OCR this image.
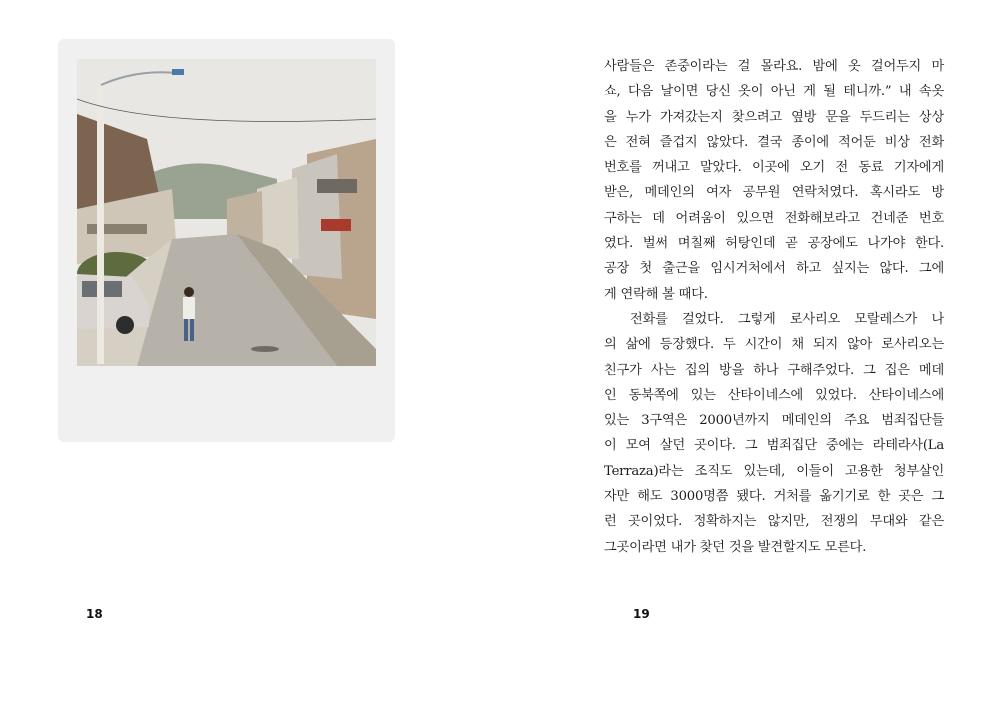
18
사람들은 존중이라는 걸 몰라요. 밤에 옷 걸어두지 마
쇼, 다음 날이면 당신 옷이 아닌 게 될 테니까.” 내 속옷
을 누가 가져갔는지 찾으려고 옆방 문을 두드리는 상상
은 전혀 즐겁지 않았다. 결국 종이에 적어둔 비상 전화
번호를 꺼내고 말았다. 이곳에 오기 전 동료 기자에게
받은, 메데인의 여자 공무원 연락처였다. 혹시라도 방
구하는 데 어려움이 있으면 전화해보라고 건네준 번호
였다. 벌써 며칠째 허탕인데 곧 공장에도 나가야 한다.
공장 첫 출근을 임시거처에서 하고 싶지는 않다. 그에
게 연락해 볼 때다.
전화를 걸었다. 그렇게 로사리오 모랄레스가 나
의 삶에 등장했다. 두 시간이 채 되지 않아 로사리오는
친구가 사는 집의 방을 하나 구해주었다. 그 집은 메데
인 동북쪽에 있는 산타이네스에 있었다. 산타이네스에
있는 3구역은 2000년까지 메데인의 주요 범죄집단들
이 모여 살던 곳이다. 그 범죄집단 중에는 라테라사(La
Terraza)라는 조직도 있는데, 이들이 고용한 청부살인
자만 해도 3000명쯤 됐다. 거처를 옮기기로 한 곳은 그
런 곳이었다. 정확하지는 않지만, 전쟁의 무대와 같은
그곳이라면 내가 찾던 것을 발견할지도 모른다.
19
